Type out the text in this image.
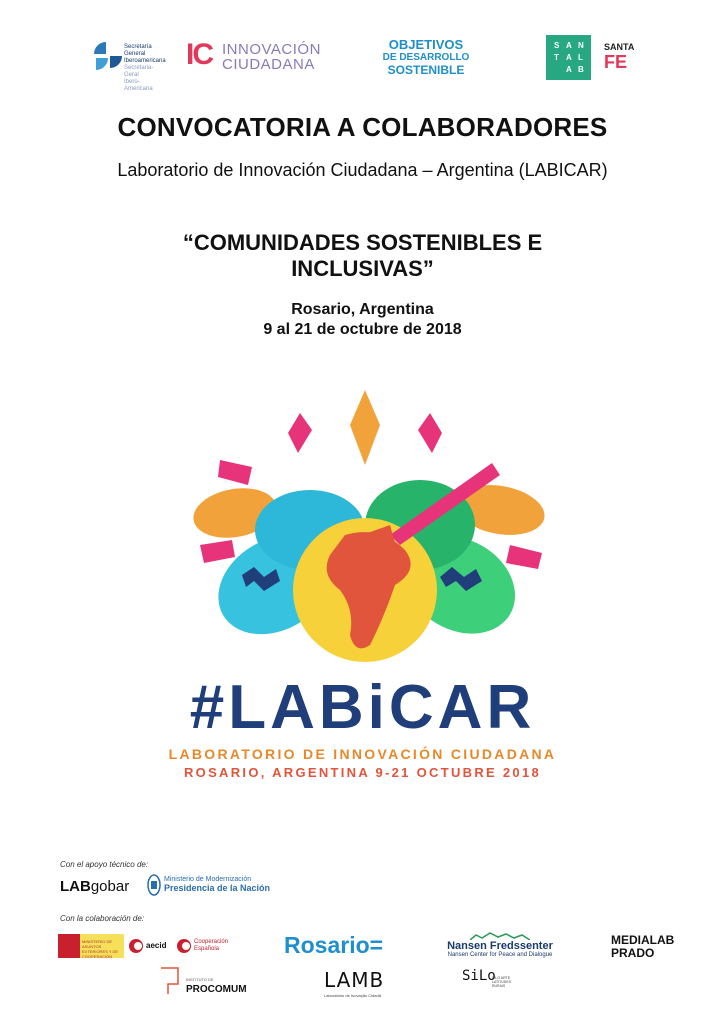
Secretaría General
Iberoamericana
Secretaria-Geral
Ibero-Americana
IC INNOVACIÓN
CIUDADANA
OBJETIVOS
DE DESARROLLO
SOSTENIBLE
S A N
T A L
A B
SANTA
FE
CONVOCATORIA A COLABORADORES
Laboratorio de Innovación Ciudadana – Argentina (LABICAR)
“COMUNIDADES SOSTENIBLES E
INCLUSIVAS”
Rosario, Argentina
9 al 21 de octubre de 2018
#LABiCAR
LABORATORIO DE INNOVACIÓN CIUDADANA
ROSARIO, ARGENTINA 9-21 OCTUBRE 2018
Con el apoyo técnico de:
LABgobar	Ministerio de Modernización
Presidencia de la Nación
Con la colaboración de:
MINISTERIO DE ASUNTOS EXTERIORES Y DE COOPERACIÓN
aecid	Cooperación
Española	Rosario=	Nansen Fredssenter
Nansen Center for Peace and Dialogue
MEDIALAB
PRADO
INSTITUTO DE
PROCOMUM	LAMB
Laboratório de Inovação Cidadã
SiLo
SILO ARTE LATITUDES RURAIS
